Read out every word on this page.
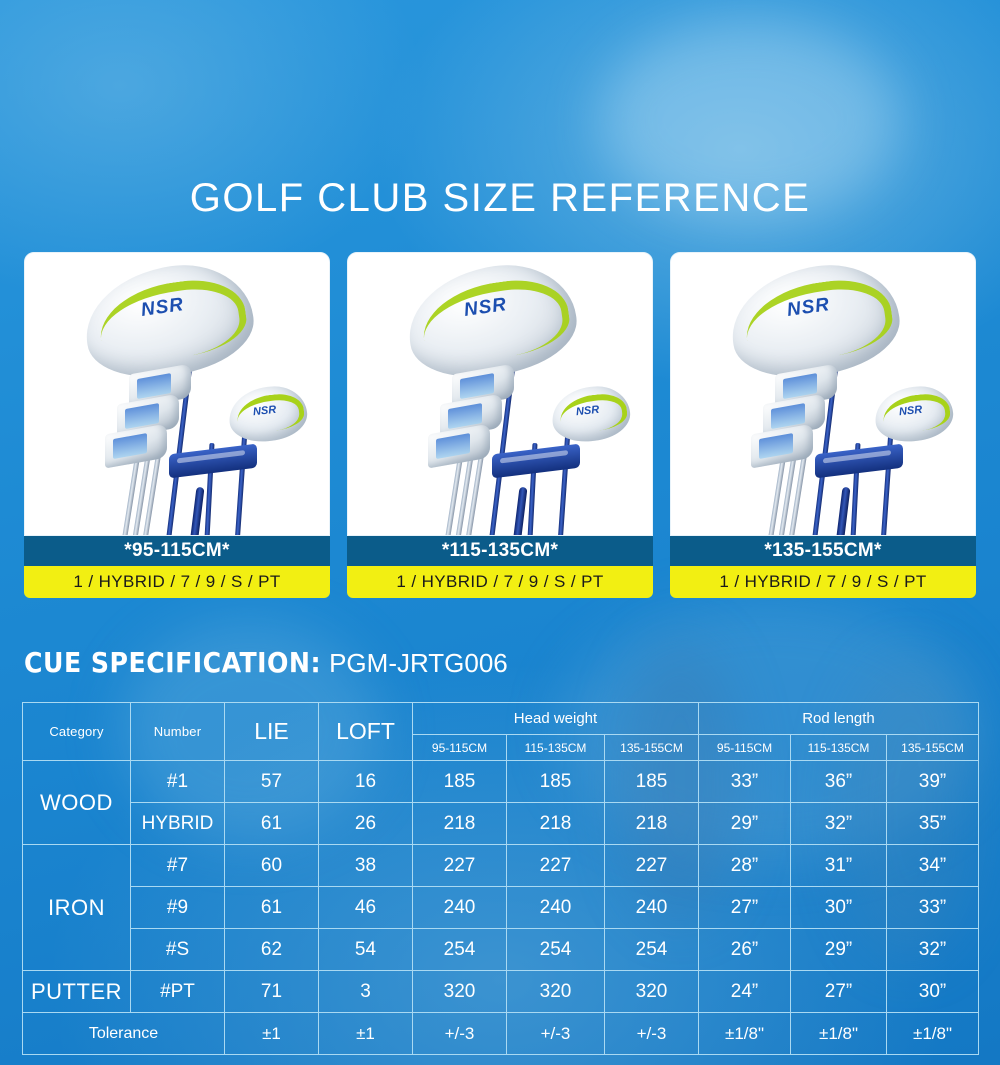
GOLF CLUB SIZE REFERENCE
NSR
NSR
*95-115CM*
1 / HYBRID / 7 / 9 / S / PT
NSR
NSR
*115-135CM*
1 / HYBRID / 7 / 9 / S / PT
NSR
NSR
*135-155CM*
1 / HYBRID / 7 / 9 / S / PT
CUE SPECIFICATION: PGM-JRTG006
Category	Number	LIE	LOFT	Head weight			Rod length		
				95-115CM	115-135CM	135-155CM	95-115CM	115-135CM	135-155CM
WOOD	#1	57	16	185	185	185	33”	36”	39”
	HYBRID	61	26	218	218	218	29”	32”	35”
IRON	#7	60	38	227	227	227	28”	31”	34”
	#9	61	46	240	240	240	27”	30”	33”
	#S	62	54	254	254	254	26”	29”	32”
PUTTER	#PT	71	3	320	320	320	24”	27”	30”
Tolerance		±1	±1	+/-3	+/-3	+/-3	±1/8"	±1/8"	±1/8"
